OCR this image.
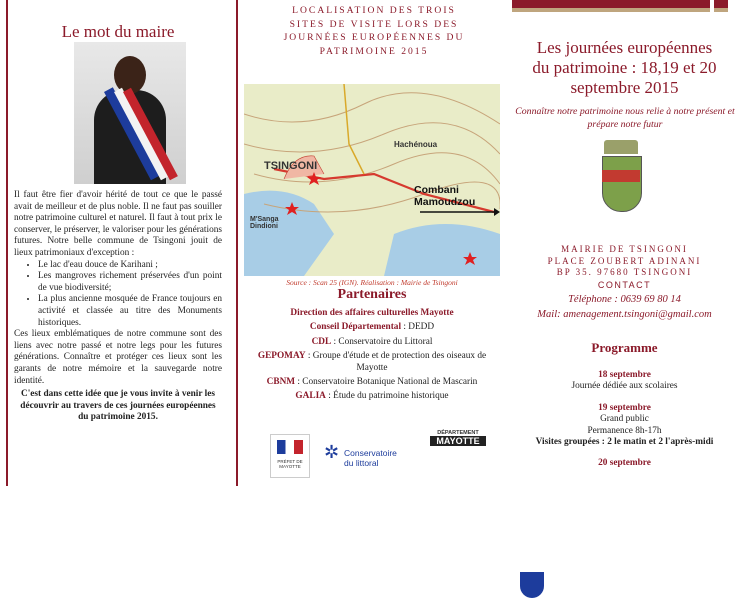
Le mot du maire

Il faut être fier d'avoir hérité de tout ce que le passé avait de meilleur et de plus noble. Il ne faut pas souiller notre patrimoine culturel et naturel. Il faut à tout prix le conserver, le préserver, le valoriser pour les générations futures. Notre belle commune de Tsingoni jouit de lieux patrimoniaux d'exception :

• Le lac d'eau douce de Karihani ;
• Les mangroves richement préservées d'un point de vue biodiversité;
• La plus ancienne mosquée de France toujours en activité et classée au titre des Monuments historiques.

Ces lieux emblématiques de notre commune sont des liens avec notre passé et notre legs pour les futures générations. Connaître et protéger ces lieux sont les garants de notre mémoire et la sauvegarde notre identité.

C'est dans cette idée que je vous invite à venir les découvrir au travers de ces journées européennes du patrimoine 2015.

LOCALISATION DES TROIS
SITES DE VISITE LORS DES
JOURNÉES EUROPÉENNES DU
PATRIMOINE 2015
TSINGONI
Hachénoua
M'Sanga Dindioni
Combani
Mamoudzou
Source : Scan 25 (IGN). Réalisation : Mairie de Tsingoni
Partenaires
Direction des affaires culturelles Mayotte
Conseil Départemental : DEDD
CDL : Conservatoire du Littoral
GEPOMAY : Groupe d'étude et de protection des oiseaux de Mayotte
CBNM : Conservatoire Botanique National de Mascarin
GALIA : Étude du patrimoine historique
PRÉFET DE MAYOTTE
✲ Conservatoire
du littoral
DÉPARTEMENT
MAYOTTE
Les journées européennes
du patrimoine : 18,19 et 20
septembre 2015
Connaître notre patrimoine nous relie à notre présent et prépare notre futur
MAIRIE DE TSINGONI
PLACE ZOUBERT ADINANI
BP 35. 97680 TSINGONI
CONTACT
Téléphone : 0639 69 80 14
Mail: amenagement.tsingoni@gmail.com
Programme
18 septembre
Journée dédiée aux scolaires
19 septembre
Grand public
Permanence 8h-17h
Visites groupées : 2 le matin et 2 l'après-midi
20 septembre
